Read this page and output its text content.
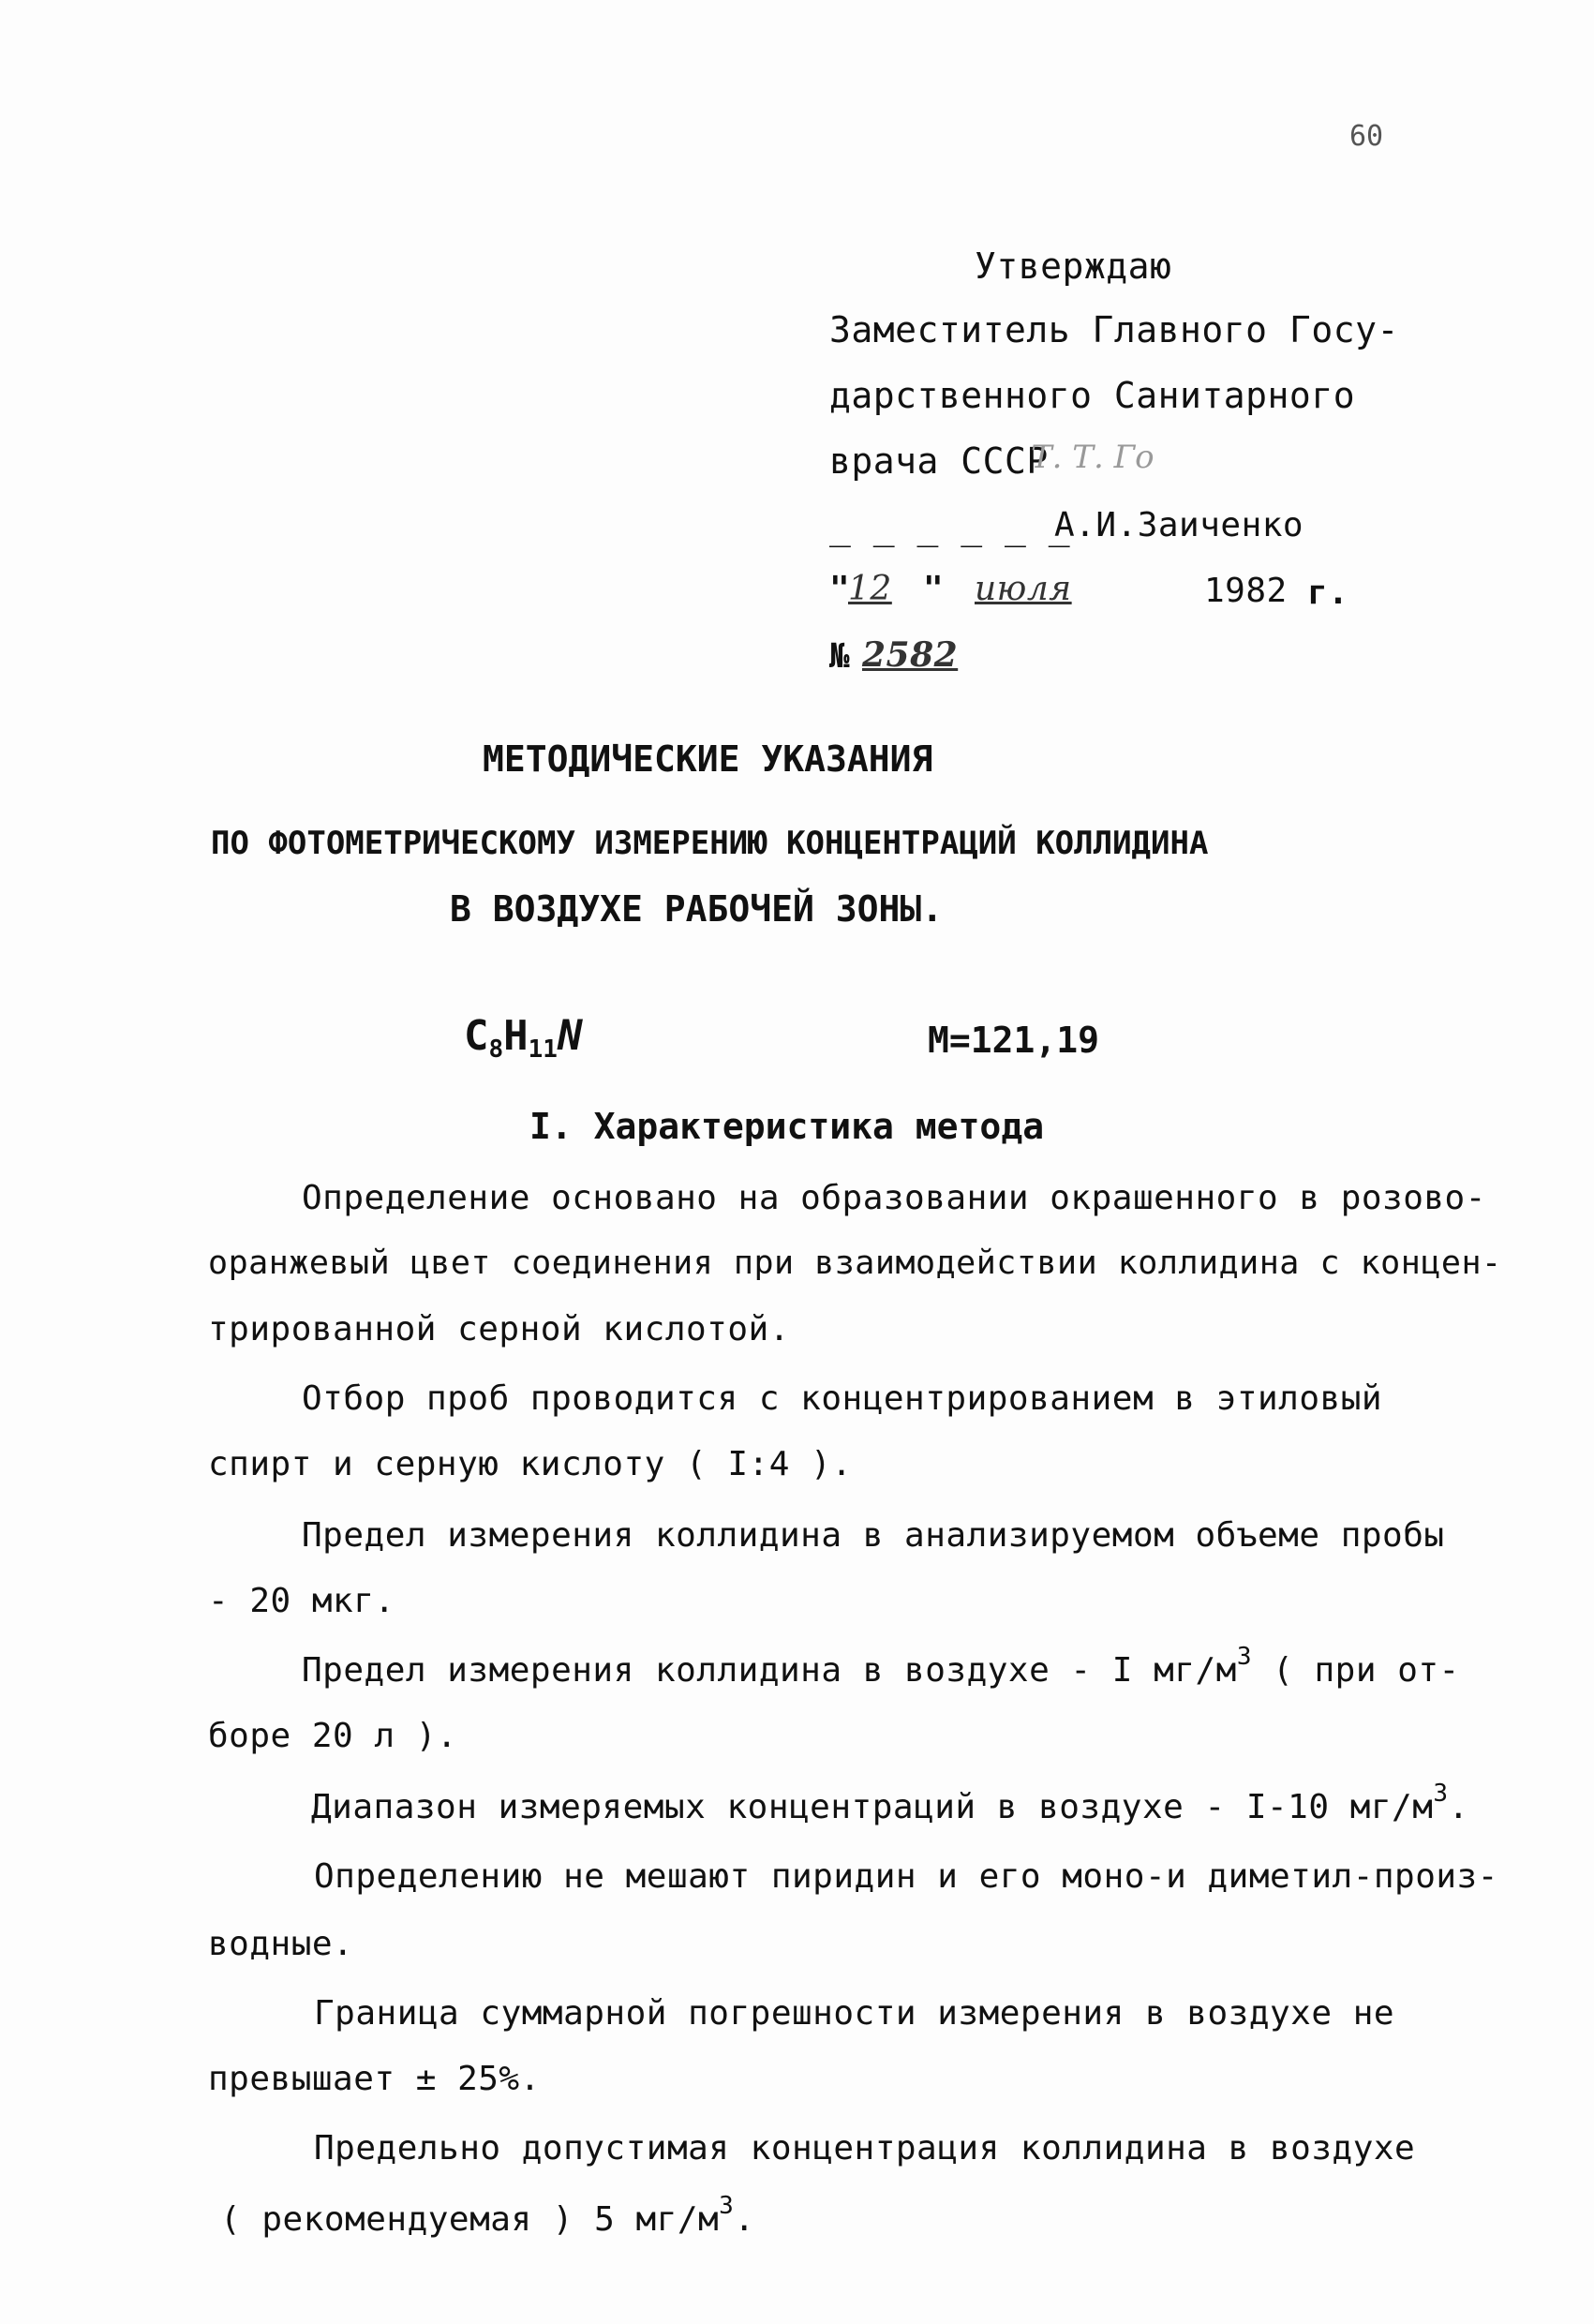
60
Утверждаю
Заместитель Главного Госу-
дарственного Санитарного
врача СССР
Т. Т. Го
_ _ _ _ _ _
А.И.Заиченко
"
12 " июля	1982 г.
№ 2582
МЕТОДИЧЕСКИЕ УКАЗАНИЯ
ПО ФОТОМЕТРИЧЕСКОМУ ИЗМЕРЕНИЮ КОНЦЕНТРАЦИЙ КОЛЛИДИНА
В ВОЗДУХЕ РАБОЧЕЙ ЗОНЫ.
C8H11N	М=121,19
I. Характеристика метода
Определение основано на образовании окрашенного в розово-
оранжевый цвет соединения при взаимодействии коллидина с концен-
трированной серной кислотой.
Отбор проб проводится с концентрированием в этиловый
спирт и серную кислоту ( I:4 ).
Предел измерения коллидина в анализируемом объеме пробы
- 20 мкг.
Предел измерения коллидина в воздухе - I $мг/м^3$ ( при от-
боре 20 л ).
Диапазон измеряемых концентраций в воздухе - I-10 $мг/м^3$.
Определению не мешают пиридин и его моно-и диметил-произ-
водные.
Граница суммарной погрешности измерения в воздухе не
превышает ± 25%.
Предельно допустимая концентрация коллидина в воздухе
( рекомендуемая ) 5 $мг/м^3$.
